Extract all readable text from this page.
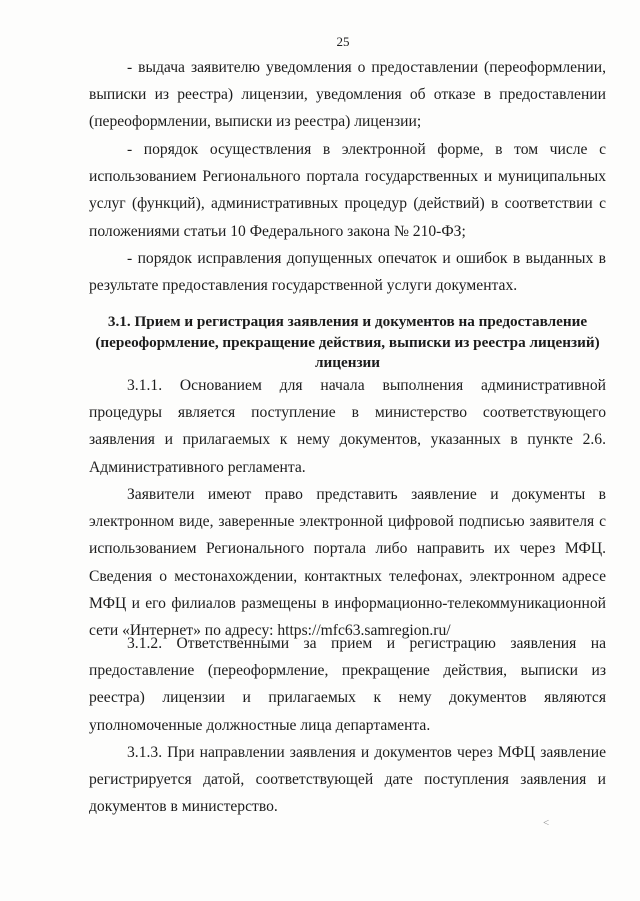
25

- выдача заявителю уведомления о предоставлении (переоформлении, выписки из реестра) лицензии, уведомления об отказе в предоставлении (переоформлении, выписки из реестра) лицензии;

- порядок осуществления в электронной форме, в том числе с использованием Регионального портала государственных и муниципальных услуг (функций), административных процедур (действий) в соответствии с положениями статьи 10 Федерального закона № 210-ФЗ;

- порядок исправления допущенных опечаток и ошибок в выданных в результате предоставления государственной услуги документах.

3.1. Прием и регистрация заявления и документов на предоставление (переоформление, прекращение действия, выписки из реестра лицензий) лицензии

3.1.1. Основанием для начала выполнения административной процедуры является поступление в министерство соответствующего заявления и прилагаемых к нему документов, указанных в пункте 2.6. Административного регламента.

Заявители имеют право представить заявление и документы в электронном виде, заверенные электронной цифровой подписью заявителя с использованием Регионального портала либо направить их через МФЦ. Сведения о местонахождении, контактных телефонах, электронном адресе МФЦ и его филиалов размещены в информационно-телекоммуникационной сети «Интернет» по адресу: https://mfc63.samregion.ru/

3.1.2. Ответственными за прием и регистрацию заявления на предоставление (переоформление, прекращение действия, выписки из реестра) лицензии и прилагаемых к нему документов являются уполномоченные должностные лица департамента.

3.1.3. При направлении заявления и документов через МФЦ заявление регистрируется датой, соответствующей дате поступления заявления и документов в министерство.

˂
